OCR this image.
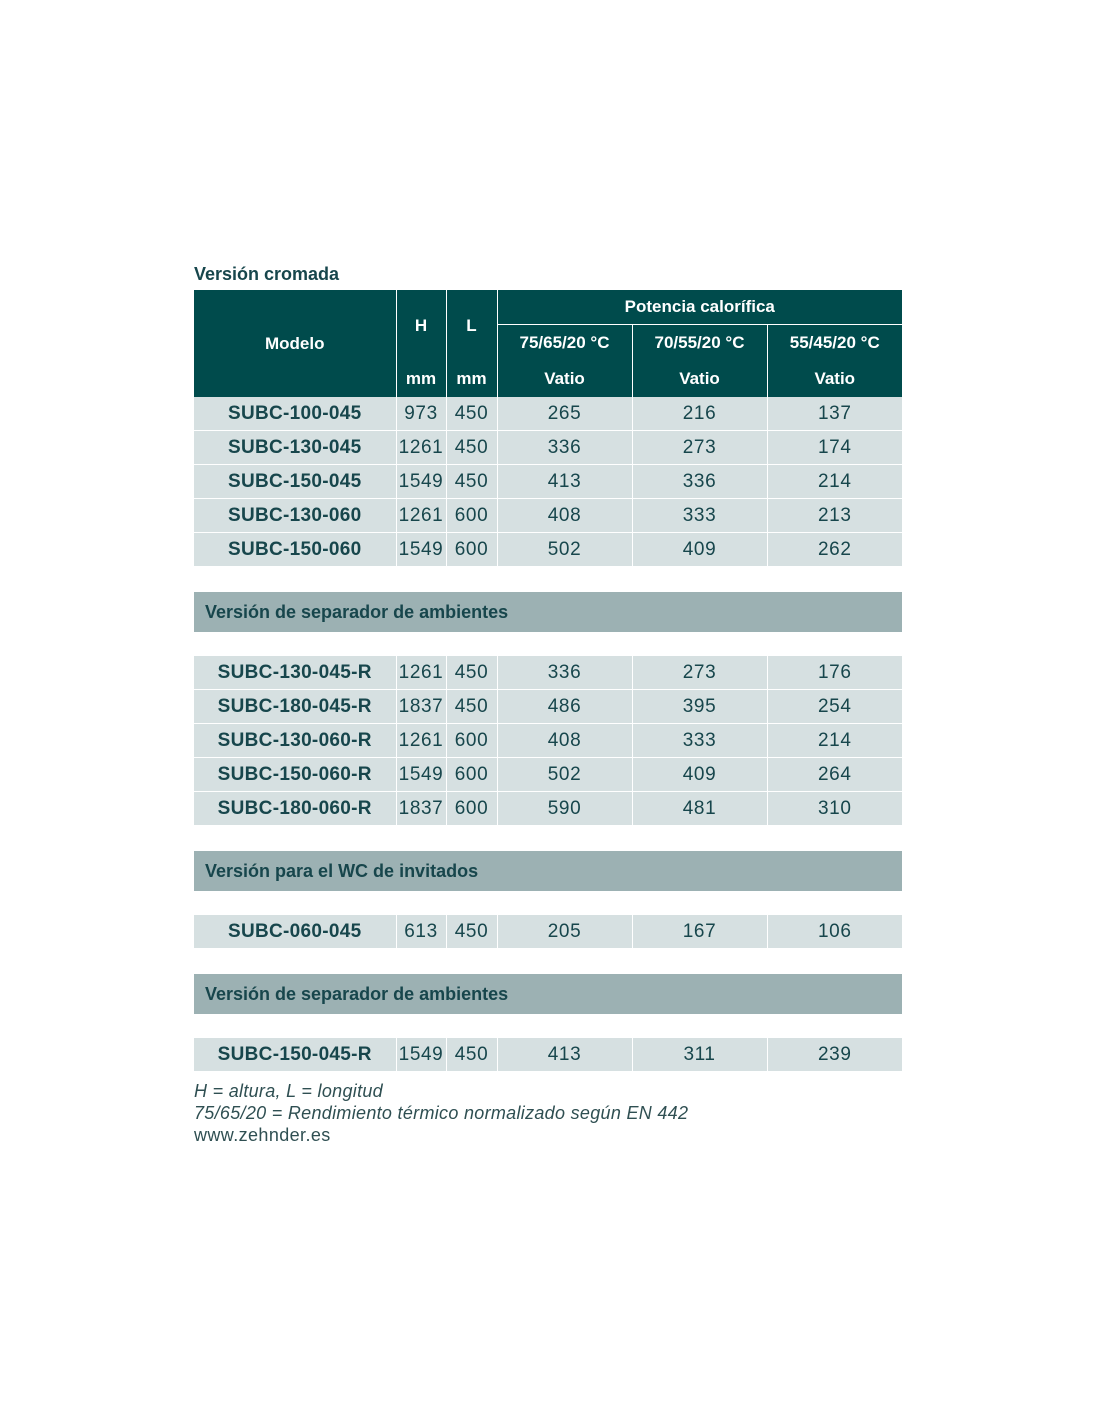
Versión cromada
Modelo	H	L	Potencia calorífica		
			75/65/20 °C	70/55/20 °C	55/45/20 °C
	mm	mm	Vatio	Vatio	Vatio
SUBC-100-045	973	450	265	216	137
SUBC-130-045	1261	450	336	273	174
SUBC-150-045	1549	450	413	336	214
SUBC-130-060	1261	600	408	333	213
SUBC-150-060	1549	600	502	409	262
Versión de separador de ambientes
SUBC-130-045-R	1261	450	336	273	176
SUBC-180-045-R	1837	450	486	395	254
SUBC-130-060-R	1261	600	408	333	214
SUBC-150-060-R	1549	600	502	409	264
SUBC-180-060-R	1837	600	590	481	310
Versión para el WC de invitados
SUBC-060-045	613	450	205	167	106
Versión de separador de ambientes
SUBC-150-045-R	1549	450	413	311	239
H = altura, L = longitud
75/65/20 = Rendimiento térmico normalizado según EN 442
www.zehnder.es
